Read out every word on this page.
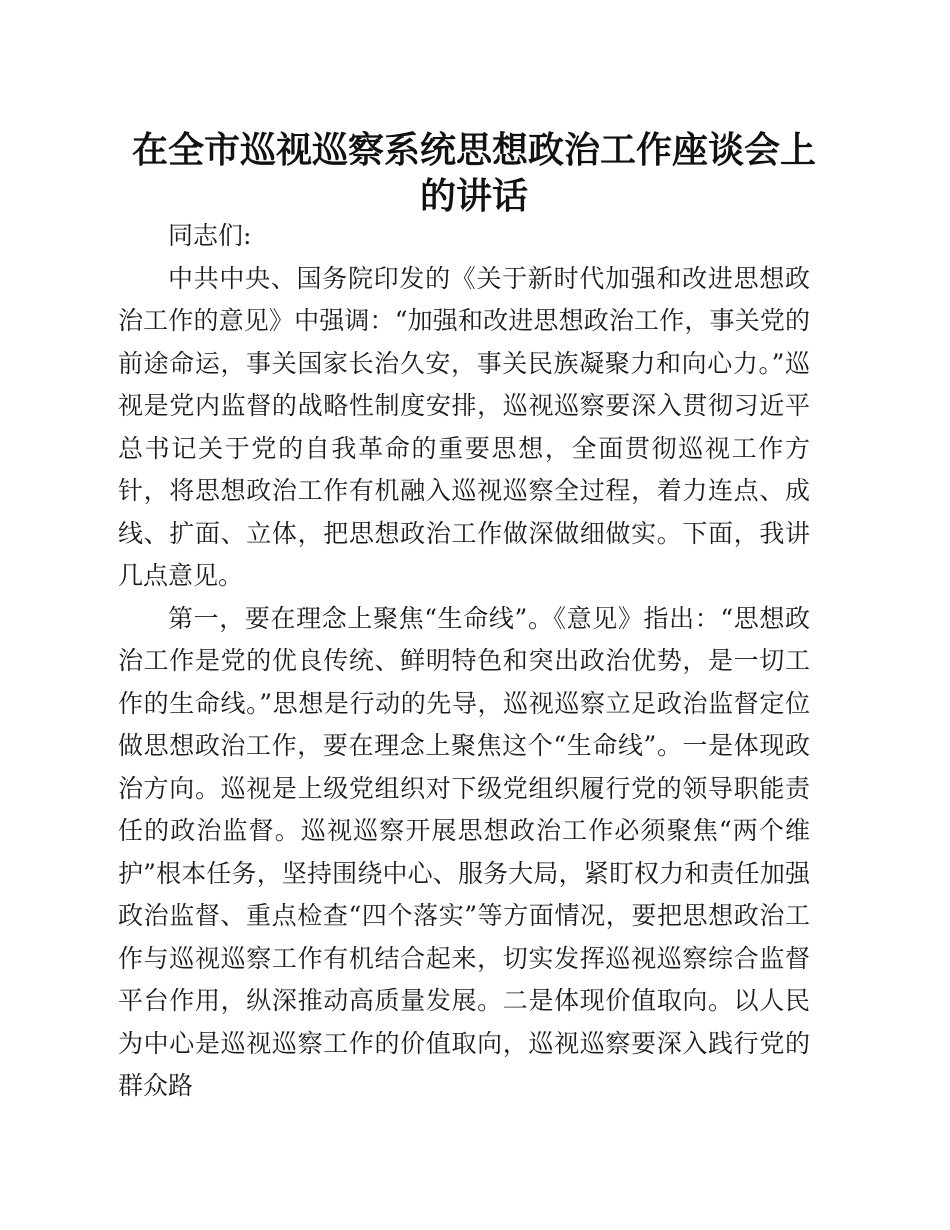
在全市巡视巡察系统思想政治工作座谈会上的讲话

同志们:

中共中央、国务院印发的《关于新时代加强和改进思想政治工作的意见》中强调：“加强和改进思想政治工作，事关党的前途命运，事关国家长治久安，事关民族凝聚力和向心力。”巡视是党内监督的战略性制度安排，巡视巡察要深入贯彻习近平总书记关于党的自我革命的重要思想，全面贯彻巡视工作方针，将思想政治工作有机融入巡视巡察全过程，着力连点、成线、扩面、立体，把思想政治工作做深做细做实。下面，我讲几点意见。

第一，要在理念上聚焦“生命线”。《意见》指出：“思想政治工作是党的优良传统、鲜明特色和突出政治优势，是一切工作的生命线。”思想是行动的先导，巡视巡察立足政治监督定位做思想政治工作，要在理念上聚焦这个“生命线”。一是体现政治方向。巡视是上级党组织对下级党组织履行党的领导职能责任的政治监督。巡视巡察开展思想政治工作必须聚焦“两个维护”根本任务，坚持围绕中心、服务大局，紧盯权力和责任加强政治监督、重点检查“四个落实”等方面情况，要把思想政治工作与巡视巡察工作有机结合起来，切实发挥巡视巡察综合监督平台作用，纵深推动高质量发展。二是体现价值取向。以人民为中心是巡视巡察工作的价值取向，巡视巡察要深入践行党的群众路
